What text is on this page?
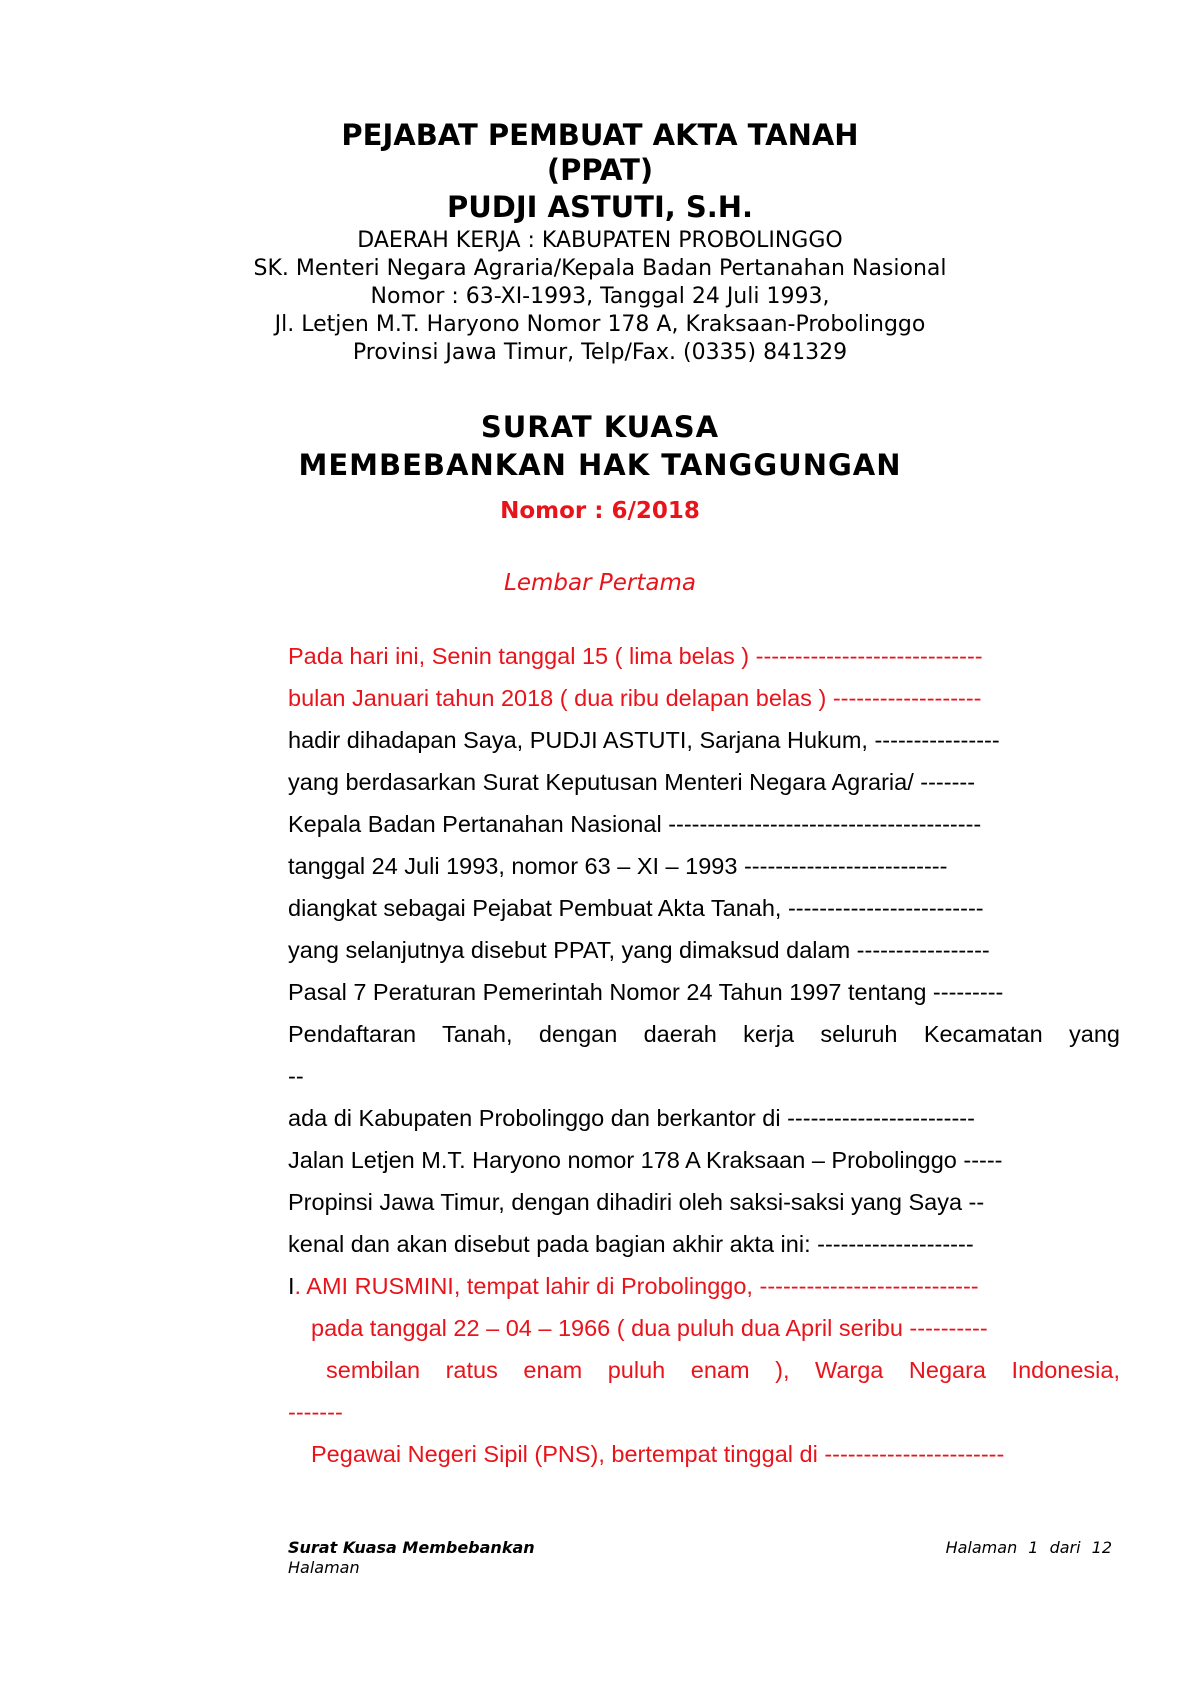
PEJABAT PEMBUAT AKTA TANAH
(PPAT)
PUDJI ASTUTI, S.H.
DAERAH KERJA : KABUPATEN PROBOLINGGO
SK. Menteri Negara Agraria/Kepala Badan Pertanahan Nasional
Nomor : 63-XI-1993, Tanggal 24 Juli 1993,
Jl. Letjen M.T. Haryono Nomor 178 A, Kraksaan-Probolinggo
Provinsi Jawa Timur, Telp/Fax. (0335) 841329
SURAT KUASA
MEMBEBANKAN HAK TANGGUNGAN
Nomor : 6/2018
Lembar Pertama
Pada hari ini, Senin tanggal 15 ( lima belas ) -----------------------------
bulan Januari tahun 2018 ( dua ribu delapan belas ) -------------------
hadir dihadapan Saya, PUDJI ASTUTI, Sarjana Hukum, ----------------
yang berdasarkan Surat Keputusan Menteri Negara Agraria/ -------
Kepala Badan Pertanahan Nasional ----------------------------------------
tanggal 24 Juli 1993, nomor 63 – XI – 1993 --------------------------
diangkat sebagai Pejabat Pembuat Akta Tanah, -------------------------
yang selanjutnya disebut PPAT, yang dimaksud dalam -----------------
Pasal 7 Peraturan Pemerintah Nomor 24 Tahun 1997 tentang ---------
Pendaftaran Tanah, dengan daerah kerja seluruh Kecamatan yang
--
ada di Kabupaten Probolinggo dan berkantor di ------------------------
Jalan Letjen M.T. Haryono nomor 178 A Kraksaan – Probolinggo -----
Propinsi Jawa Timur, dengan dihadiri oleh saksi-saksi yang Saya --
kenal dan akan disebut pada bagian akhir akta ini: --------------------
I. AMI RUSMINI, tempat lahir di Probolinggo, ----------------------------
pada tanggal 22 – 04 – 1966 ( dua puluh dua April seribu ----------
sembilan ratus enam puluh enam ), Warga Negara Indonesia,
-------
Pegawai Negeri Sipil (PNS), bertempat tinggal di -----------------------
Surat Kuasa Membebankan
Halaman
Halaman 1 dari 12
